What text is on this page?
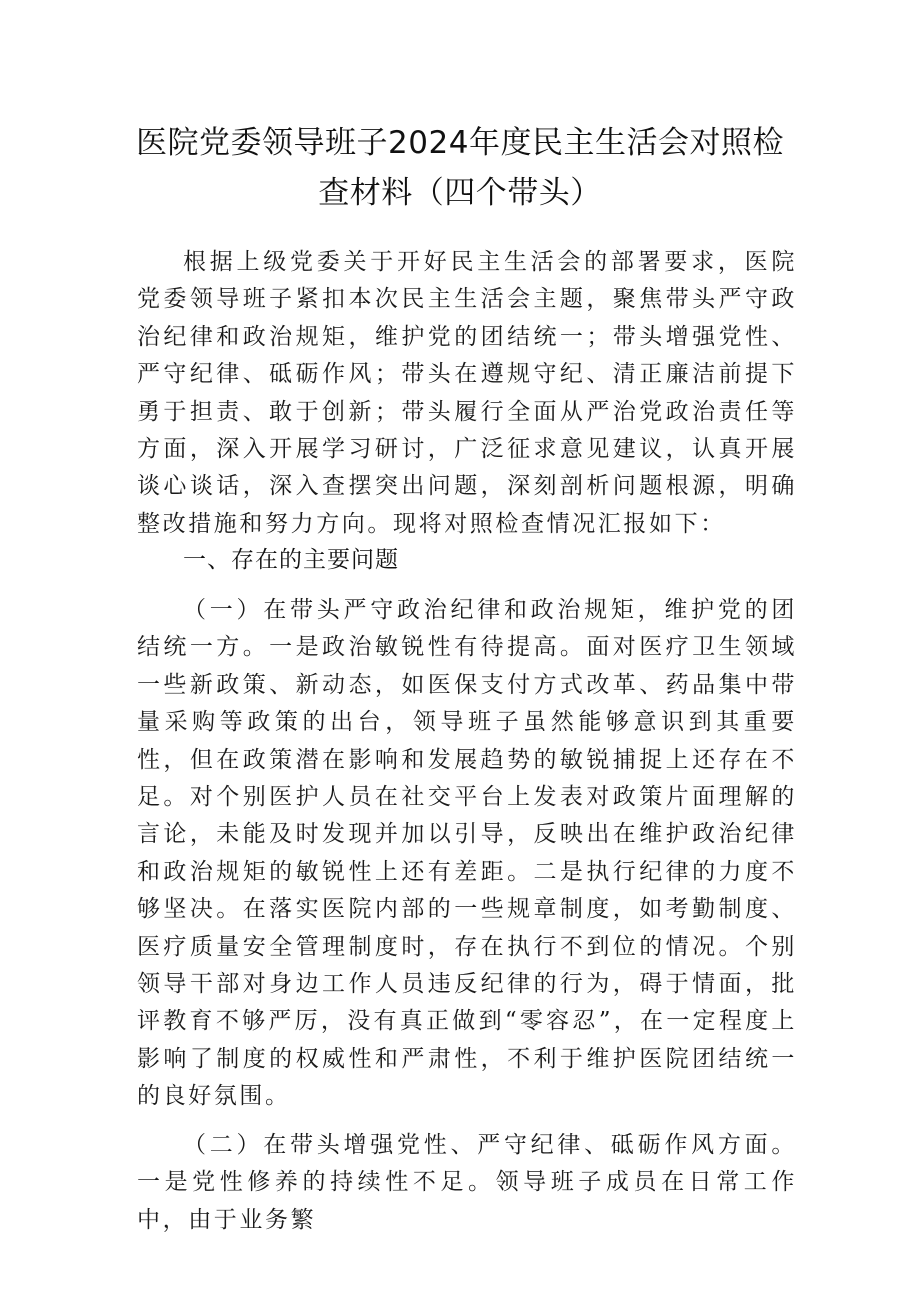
医院党委领导班子2024年度民主生活会对照检查材料（四个带头）

根据上级党委关于开好民主生活会的部署要求，医院党委领导班子紧扣本次民主生活会主题，聚焦带头严守政治纪律和政治规矩，维护党的团结统一；带头增强党性、严守纪律、砥砺作风；带头在遵规守纪、清正廉洁前提下勇于担责、敢于创新；带头履行全面从严治党政治责任等方面，深入开展学习研讨，广泛征求意见建议，认真开展谈心谈话，深入查摆突出问题，深刻剖析问题根源，明确整改措施和努力方向。现将对照检查情况汇报如下：

一、存在的主要问题

（一）在带头严守政治纪律和政治规矩，维护党的团结统一方。一是政治敏锐性有待提高。面对医疗卫生领域一些新政策、新动态，如医保支付方式改革、药品集中带量采购等政策的出台，领导班子虽然能够意识到其重要性，但在政策潜在影响和发展趋势的敏锐捕捉上还存在不足。对个别医护人员在社交平台上发表对政策片面理解的言论，未能及时发现并加以引导，反映出在维护政治纪律和政治规矩的敏锐性上还有差距。二是执行纪律的力度不够坚决。在落实医院内部的一些规章制度，如考勤制度、医疗质量安全管理制度时，存在执行不到位的情况。个别领导干部对身边工作人员违反纪律的行为，碍于情面，批评教育不够严厉，没有真正做到“零容忍”，在一定程度上影响了制度的权威性和严肃性，不利于维护医院团结统一的良好氛围。

（二）在带头增强党性、严守纪律、砥砺作风方面。一是党性修养的持续性不足。领导班子成员在日常工作中，由于业务繁
